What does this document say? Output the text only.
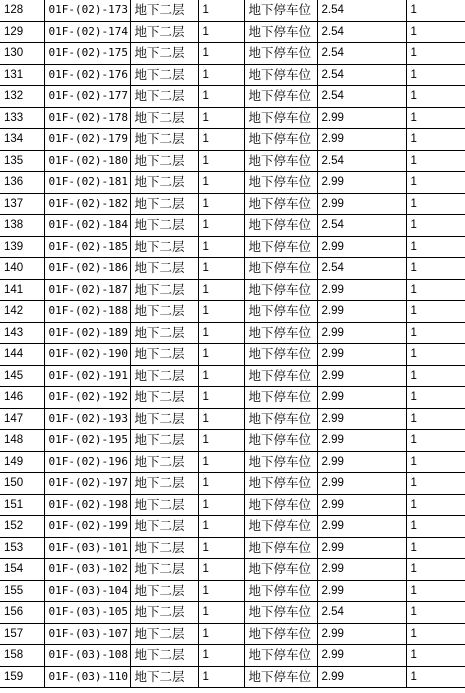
128	01F-(02)-173	地下二层	1	地下停车位	2.54	1
129	01F-(02)-174	地下二层	1	地下停车位	2.54	1
130	01F-(02)-175	地下二层	1	地下停车位	2.54	1
131	01F-(02)-176	地下二层	1	地下停车位	2.54	1
132	01F-(02)-177	地下二层	1	地下停车位	2.54	1
133	01F-(02)-178	地下二层	1	地下停车位	2.99	1
134	01F-(02)-179	地下二层	1	地下停车位	2.99	1
135	01F-(02)-180	地下二层	1	地下停车位	2.54	1
136	01F-(02)-181	地下二层	1	地下停车位	2.99	1
137	01F-(02)-182	地下二层	1	地下停车位	2.99	1
138	01F-(02)-184	地下二层	1	地下停车位	2.54	1
139	01F-(02)-185	地下二层	1	地下停车位	2.99	1
140	01F-(02)-186	地下二层	1	地下停车位	2.54	1
141	01F-(02)-187	地下二层	1	地下停车位	2.99	1
142	01F-(02)-188	地下二层	1	地下停车位	2.99	1
143	01F-(02)-189	地下二层	1	地下停车位	2.99	1
144	01F-(02)-190	地下二层	1	地下停车位	2.99	1
145	01F-(02)-191	地下二层	1	地下停车位	2.99	1
146	01F-(02)-192	地下二层	1	地下停车位	2.99	1
147	01F-(02)-193	地下二层	1	地下停车位	2.99	1
148	01F-(02)-195	地下二层	1	地下停车位	2.99	1
149	01F-(02)-196	地下二层	1	地下停车位	2.99	1
150	01F-(02)-197	地下二层	1	地下停车位	2.99	1
151	01F-(02)-198	地下二层	1	地下停车位	2.99	1
152	01F-(02)-199	地下二层	1	地下停车位	2.99	1
153	01F-(03)-101	地下二层	1	地下停车位	2.99	1
154	01F-(03)-102	地下二层	1	地下停车位	2.99	1
155	01F-(03)-104	地下二层	1	地下停车位	2.99	1
156	01F-(03)-105	地下二层	1	地下停车位	2.54	1
157	01F-(03)-107	地下二层	1	地下停车位	2.99	1
158	01F-(03)-108	地下二层	1	地下停车位	2.99	1
159	01F-(03)-110	地下二层	1	地下停车位	2.99	1
